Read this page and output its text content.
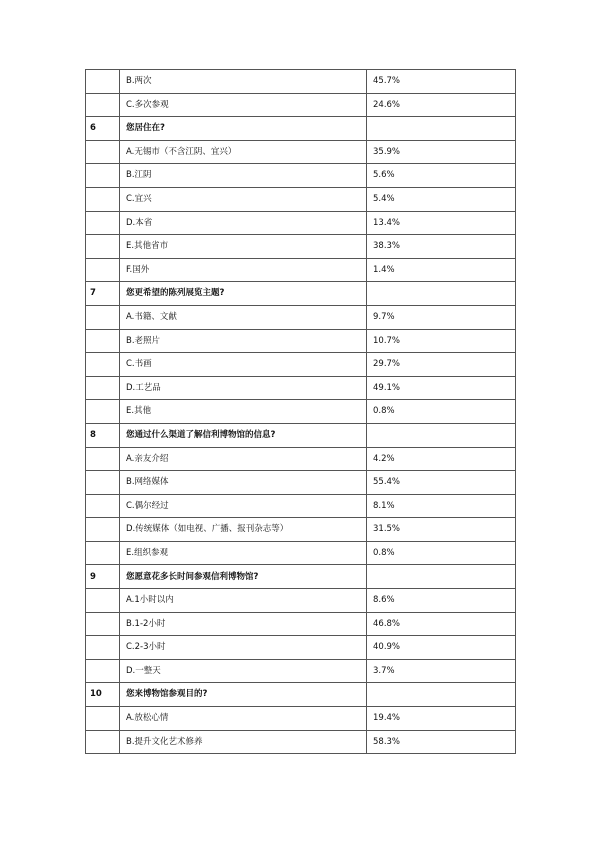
	B.两次	45.7%
	C.多次参观	24.6%
6	您居住在?	
	A.无锡市（不含江阴、宜兴）	35.9%
	B.江阴	5.6%
	C.宜兴	5.4%
	D.本省	13.4%
	E.其他省市	38.3%
	F.国外	1.4%
7	您更希望的陈列展览主题?	
	A.书籍、文献	9.7%
	B.老照片	10.7%
	C.书画	29.7%
	D.工艺品	49.1%
	E.其他	0.8%
8	您通过什么渠道了解信利博物馆的信息?	
	A.亲友介绍	4.2%
	B.网络媒体	55.4%
	C.偶尔经过	8.1%
	D.传统媒体（如电视、广播、报刊杂志等）	31.5%
	E.组织参观	0.8%
9	您愿意花多长时间参观信利博物馆?	
	A.1小时以内	8.6%
	B.1-2小时	46.8%
	C.2-3小时	40.9%
	D.一整天	3.7%
10	您来博物馆参观目的?	
	A.放松心情	19.4%
	B.提升文化艺术修养	58.3%
